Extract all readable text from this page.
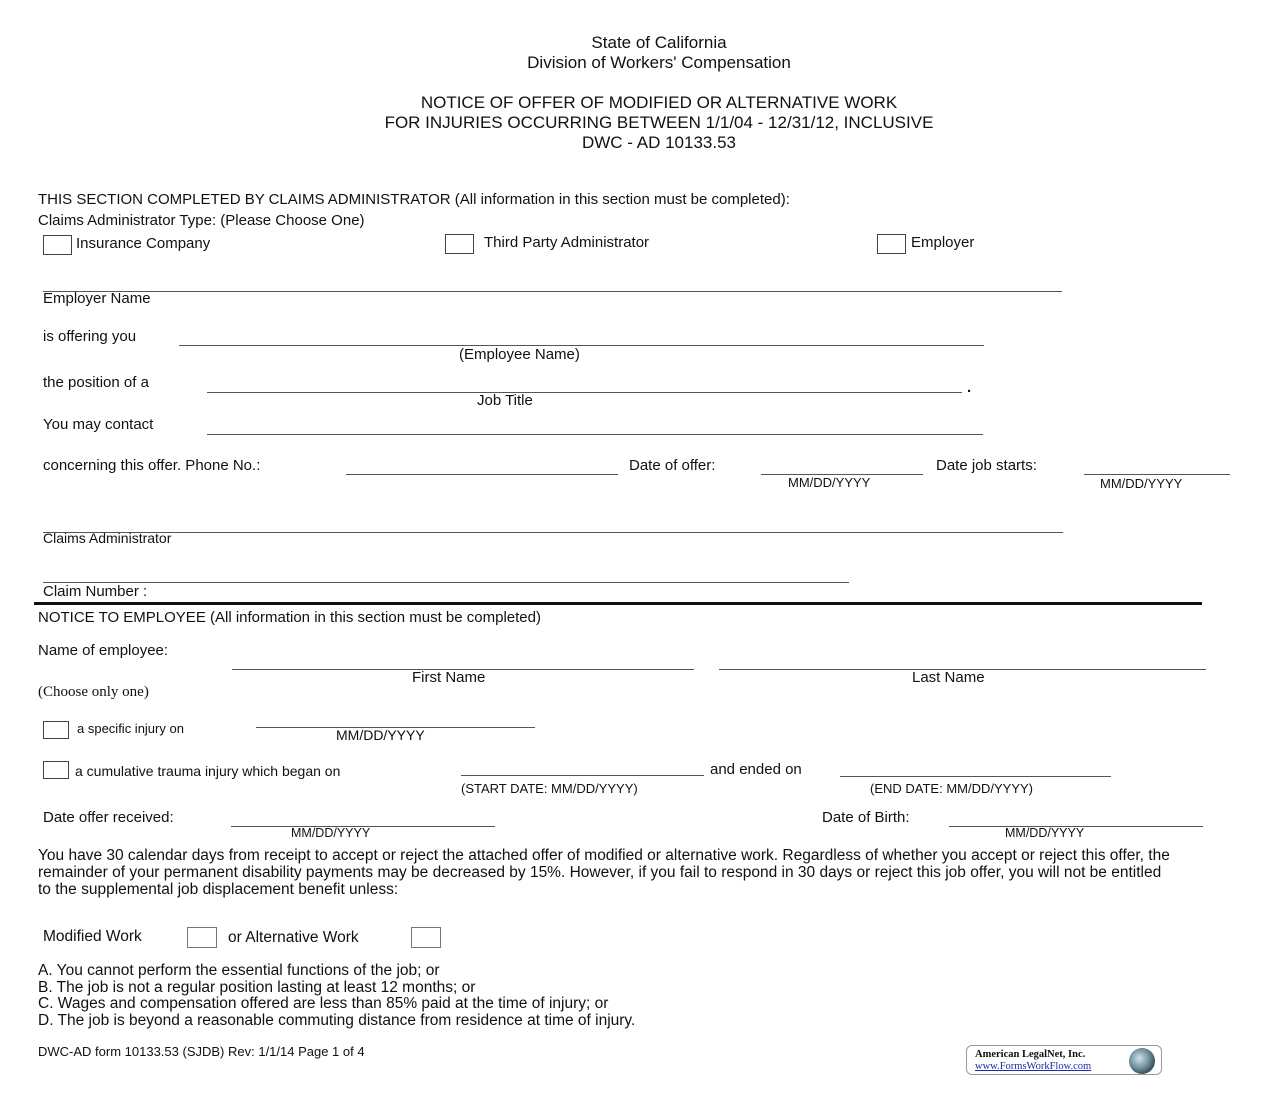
State of California
Division of Workers' Compensation
NOTICE OF OFFER OF MODIFIED OR ALTERNATIVE WORK
FOR INJURIES OCCURRING BETWEEN 1/1/04 - 12/31/12, INCLUSIVE
DWC - AD 10133.53
THIS SECTION COMPLETED BY CLAIMS ADMINISTRATOR (All information in this section must be completed):
Claims Administrator Type: (Please Choose One)
Insurance Company	Third Party Administrator	Employer
Employer Name
is offering you
(Employee Name)
the position of a	.
Job Title
You may contact
concerning this offer. Phone No.:	Date of offer:
MM/DD/YYYY
Date job starts:
MM/DD/YYYY
Claims Administrator
Claim Number :
NOTICE TO EMPLOYEE (All information in this section must be completed)
Name of employee:
First Name	Last Name
(Choose only one)
a specific injury on	MM/DD/YYYY
a cumulative trauma injury which began on
(START DATE: MM/DD/YYYY)
and ended on
(END DATE: MM/DD/YYYY)
Date offer received:
MM/DD/YYYY
Date of Birth:
MM/DD/YYYY
You have 30 calendar days from receipt to accept or reject the attached offer of modified or alternative work. Regardless of whether you accept or reject this offer, the remainder of your permanent disability payments may be decreased by 15%. However, if you fail to respond in 30 days or reject this job offer, you will not be entitled to the supplemental job displacement benefit unless:
Modified Work	or Alternative Work
A. You cannot perform the essential functions of the job; or
B. The job is not a regular position lasting at least 12 months; or
C. Wages and compensation offered are less than 85% paid at the time of injury; or
D. The job is beyond a reasonable commuting distance from residence at time of injury.
DWC-AD form 10133.53 (SJDB) Rev: 1/1/14 Page 1 of 4	American LegalNet, Inc.
www.FormsWorkFlow.com
